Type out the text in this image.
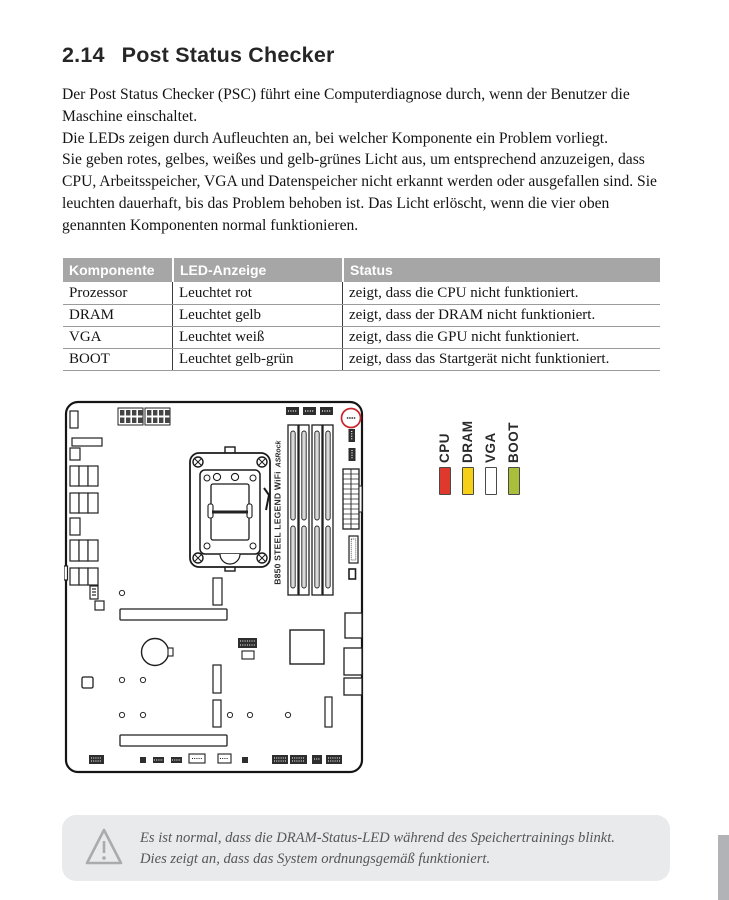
2.14 Post Status Checker
Der Post Status Checker (PSC) führt eine Computerdiagnose durch, wenn der Benutzer die Maschine einschaltet.
Die LEDs zeigen durch Aufleuchten an, bei welcher Komponente ein Problem vorliegt.
Sie geben rotes, gelbes, weißes und gelb-grünes Licht aus, um entsprechend anzuzeigen, dass CPU, Arbeitsspeicher, VGA und Datenspeicher nicht erkannt werden oder ausgefallen sind. Sie leuchten dauerhaft, bis das Problem behoben ist. Das Licht erlöscht, wenn die vier oben genannten Komponenten normal funktionieren.
Komponente	LED-Anzeige	Status
Prozessor	Leuchtet rot	zeigt, dass die CPU nicht funktioniert.
DRAM	Leuchtet gelb	zeigt, dass der DRAM nicht funktioniert.
VGA	Leuchtet weiß	zeigt, dass die GPU nicht funktioniert.
BOOT	Leuchtet gelb-grün	zeigt, dass das Startgerät nicht funktioniert.
ASRock
B850 STEEL LEGEND WiFi
CPU DRAM VGA BOOT
Es ist normal, dass die DRAM-Status-LED während des Speichertrainings blinkt. Dies zeigt an, dass das System ordnungsgemäß funktioniert.
